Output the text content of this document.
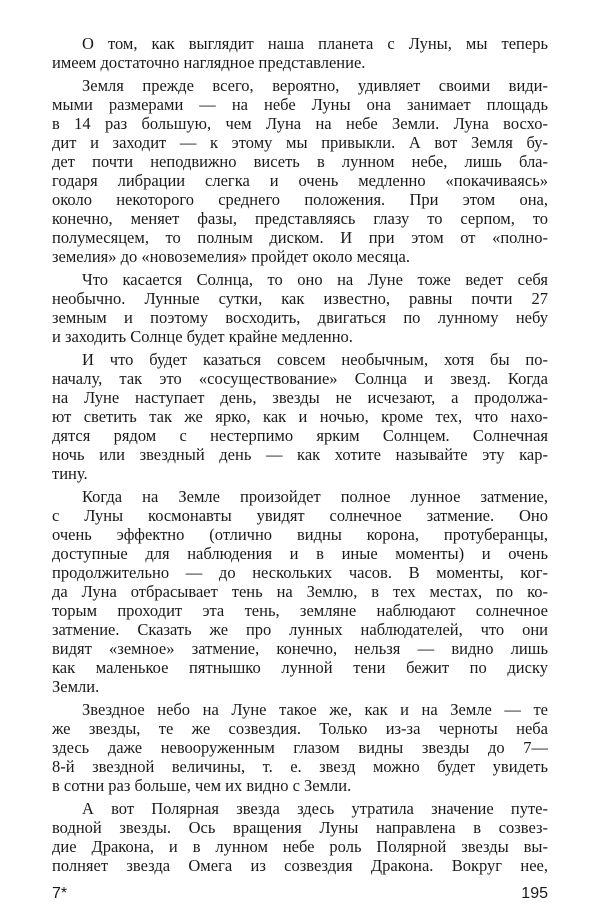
О том, как выглядит наша планета с Луны, мы теперь
имеем достаточно наглядное представление.
Земля прежде всего, вероятно, удивляет своими види-
мыми размерами — на небе Луны она занимает площадь
в 14 раз большую, чем Луна на небе Земли. Луна восхо-
дит и заходит — к этому мы привыкли. А вот Земля бу-
дет почти неподвижно висеть в лунном небе, лишь бла-
годаря либрации слегка и очень медленно «покачиваясь»
около некоторого среднего положения. При этом она,
конечно, меняет фазы, представляясь глазу то серпом, то
полумесяцем, то полным диском. И при этом от «полно-
земелия» до «новоземелия» пройдет около месяца.
Что касается Солнца, то оно на Луне тоже ведет себя
необычно. Лунные сутки, как известно, равны почти 27
земным и поэтому восходить, двигаться по лунному небу
и заходить Солнце будет крайне медленно.
И что будет казаться совсем необычным, хотя бы по-
началу, так это «сосуществование» Солнца и звезд. Когда
на Луне наступает день, звезды не исчезают, а продолжа-
ют светить так же ярко, как и ночью, кроме тех, что нахо-
дятся рядом с нестерпимо ярким Солнцем. Солнечная
ночь или звездный день — как хотите называйте эту кар-
тину.
Когда на Земле произойдет полное лунное затмение,
с Луны космонавты увидят солнечное затмение. Оно
очень эффектно (отлично видны корона, протуберанцы,
доступные для наблюдения и в иные моменты) и очень
продолжительно — до нескольких часов. В моменты, ког-
да Луна отбрасывает тень на Землю, в тех местах, по ко-
торым проходит эта тень, земляне наблюдают солнечное
затмение. Сказать же про лунных наблюдателей, что они
видят «земное» затмение, конечно, нельзя — видно лишь
как маленькое пятнышко лунной тени бежит по диску
Земли.
Звездное небо на Луне такое же, как и на Земле — те
же звезды, те же созвездия. Только из-за черноты неба
здесь даже невооруженным глазом видны звезды до 7—
8-й звездной величины, т. е. звезд можно будет увидеть
в сотни раз больше, чем их видно с Земли.
А вот Полярная звезда здесь утратила значение путе-
водной звезды. Ось вращения Луны направлена в созвез-
дие Дракона, и в лунном небе роль Полярной звезды вы-
полняет звезда Омега из созвездия Дракона. Вокруг нее,
7*	195
